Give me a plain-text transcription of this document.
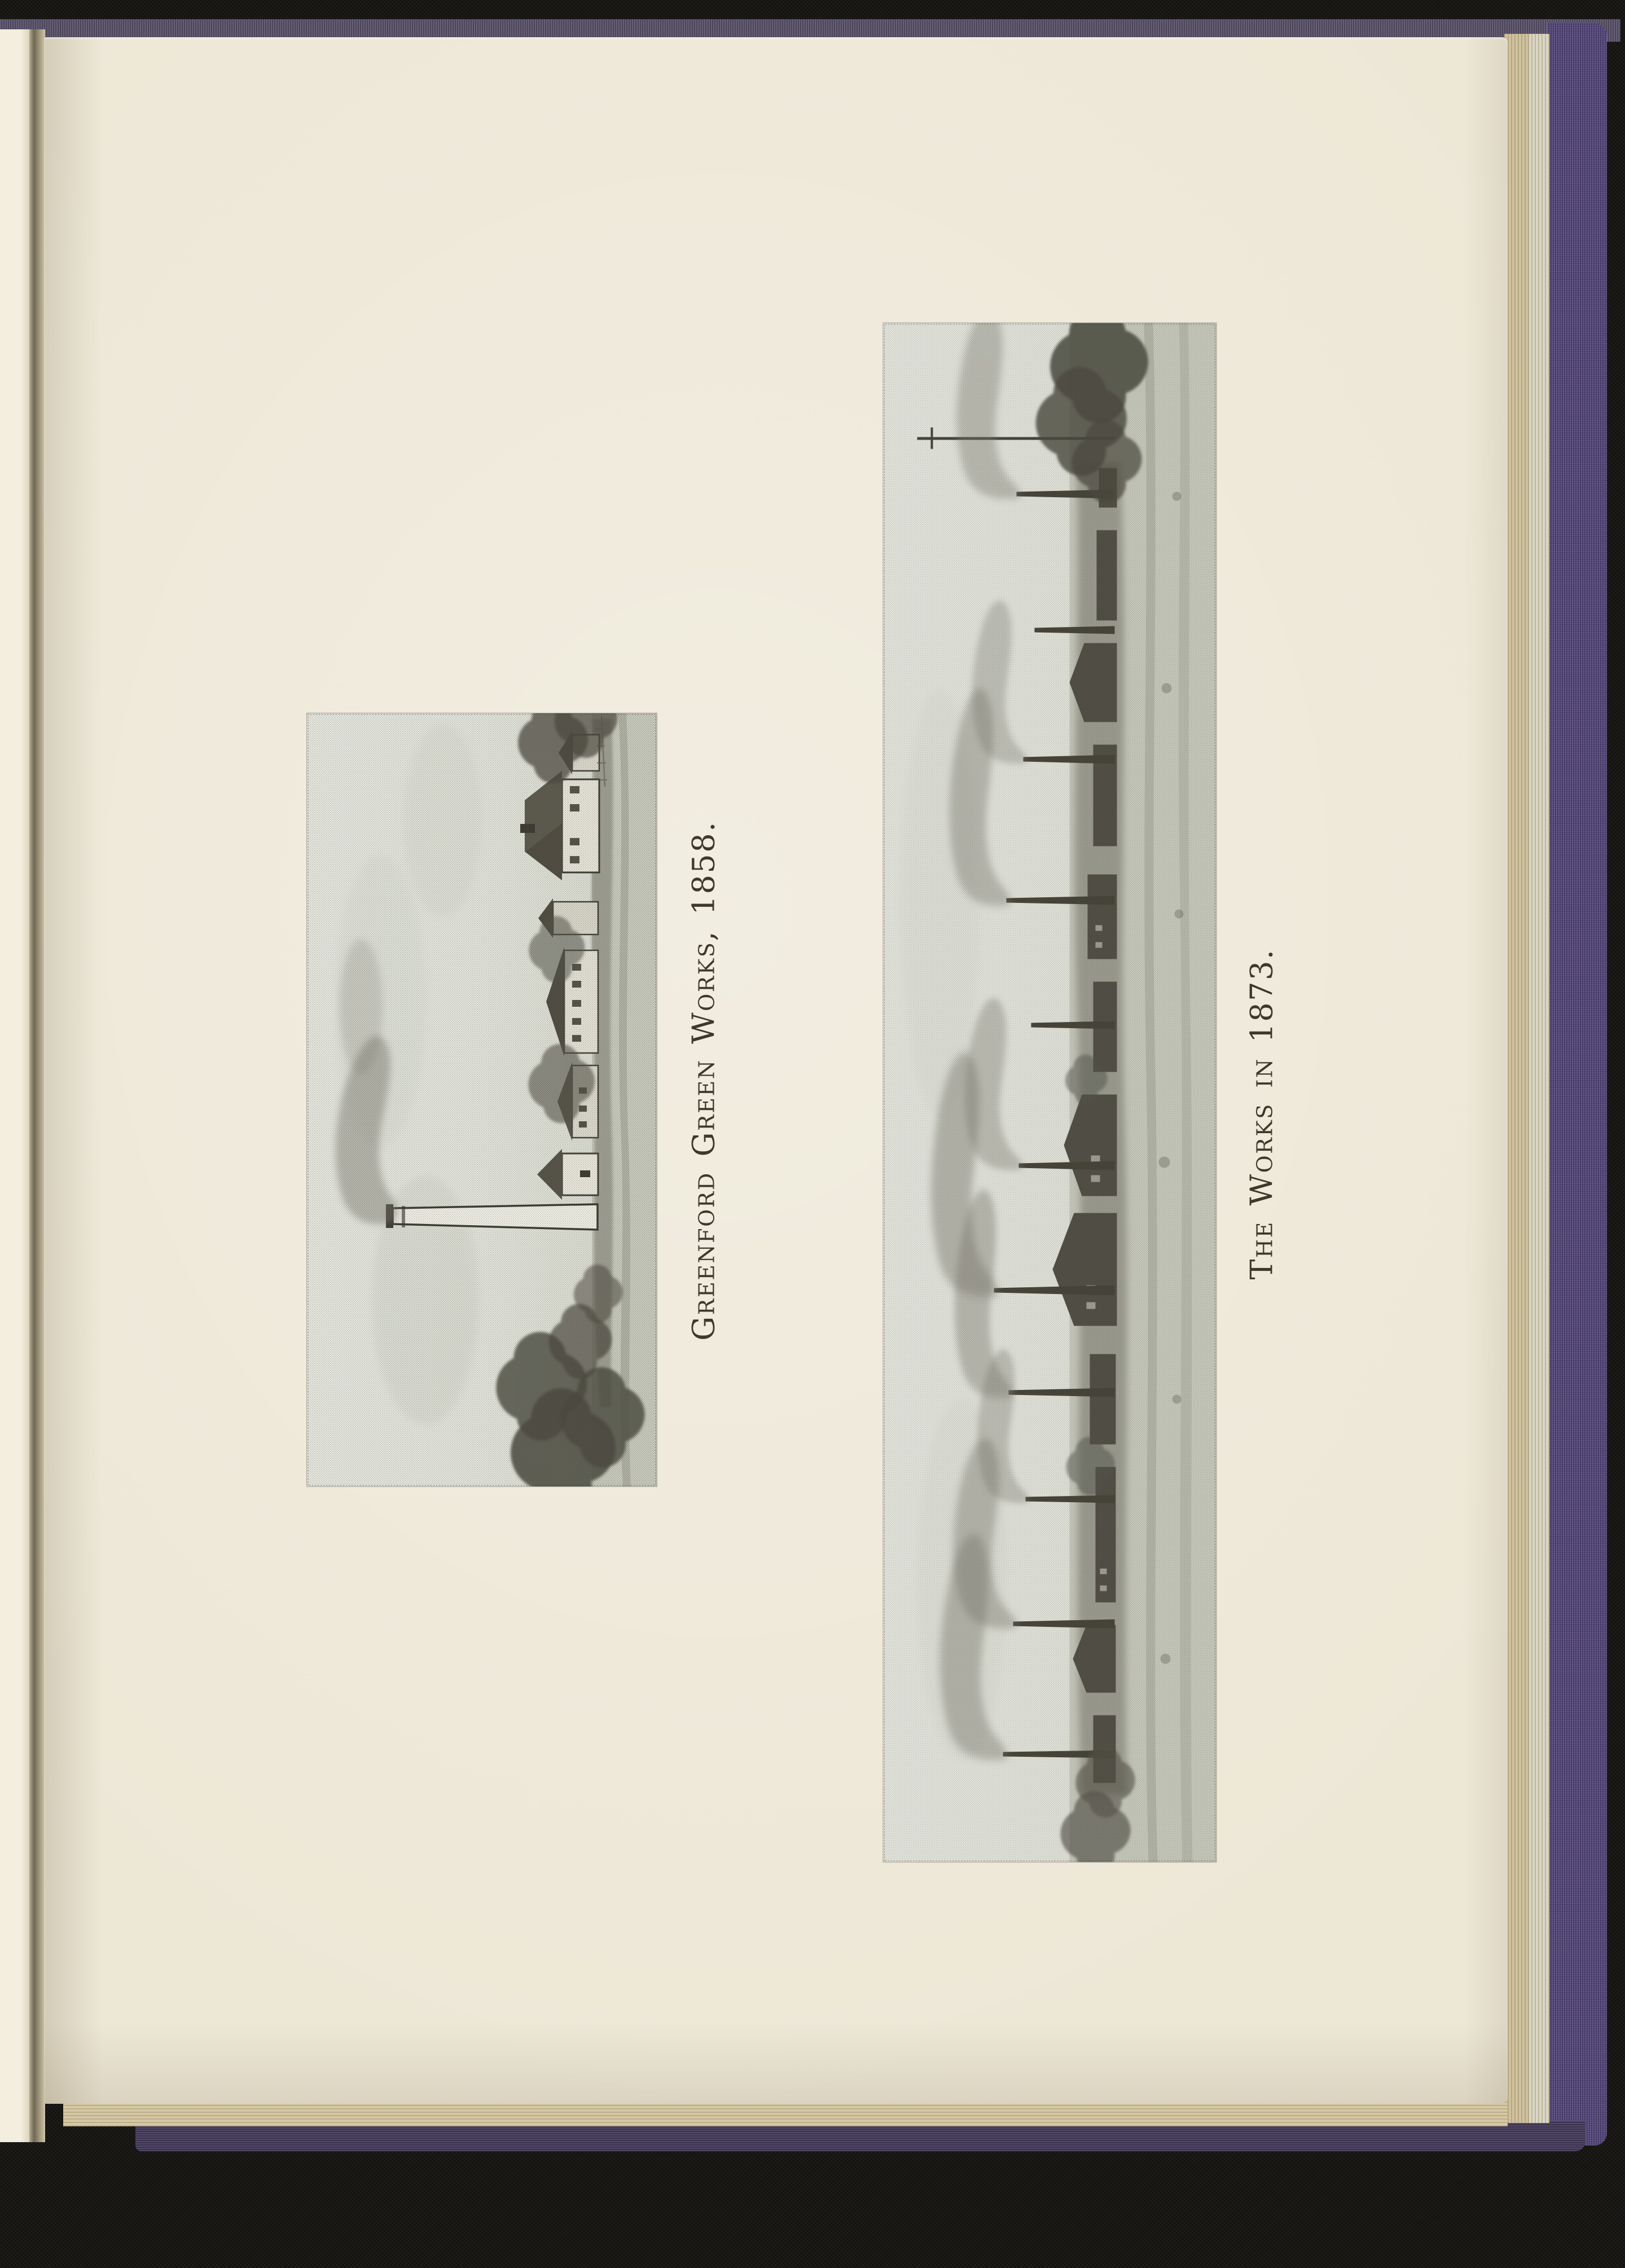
Greenford Green Works, 1858.	The Works in 1873.
